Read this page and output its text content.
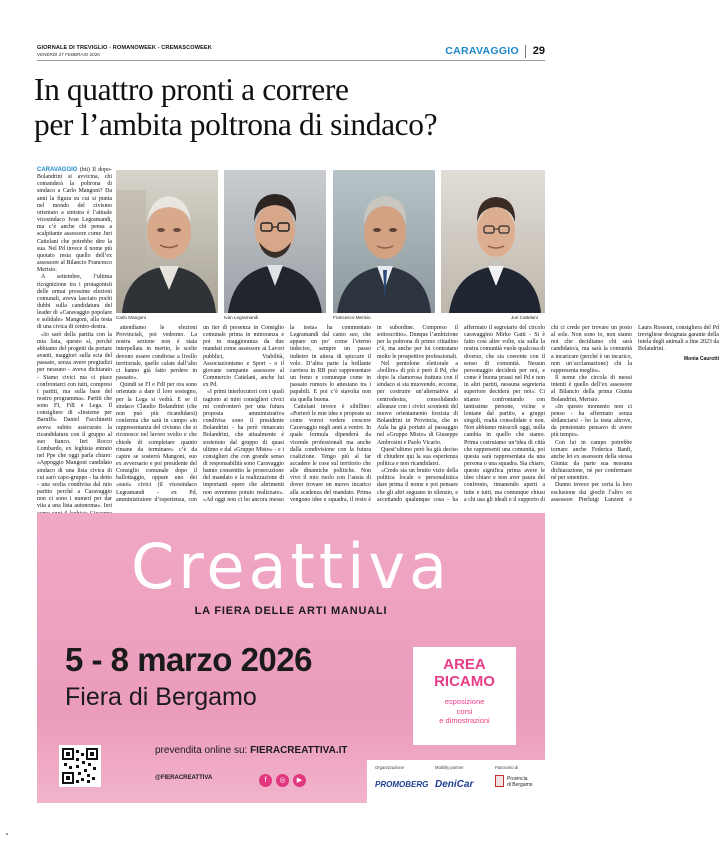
GIORNALE DI TREVIGLIO - ROMANOWEEK - CREMASCOWEEK
VENERDÌ 27 FEBBRAIO 2026	CARAVAGGIO 29
In quattro pronti a correre
per l’ambita poltrona di sindaco?

CARAVAGGIO (bti) Il dopo-Bolandrini si avvicina, chi comanderà la poltrona di sindaco a Carlo Mangoni? Da anni la figura su cui si punta nel mondo del civismo orientato a sinistra è l’attuale vicesindaco Ivan Legramandi, ma c’è anche chi pensa a scalpitante assessore come Juri Cattelani che potrebbe dire la sua. Nel Pd invece il nome più quotato resta quello dell’ex assessore al Bilancio Francesco Merisio.

A settembre, l’ultima ricognizione tra i protagonisti delle ormai prossime elezioni comunali, aveva lasciato pochi dubbi sulla candidatura del leader di «Caravaggio popolare e solidale» Mangoni, alla testa di una civica di centro-destra.

«Io sarò della partita con la mia lista, questo sì, perché abbiamo del progetti da portare avanti, maggiori sulla scia del passato, senza avere pregiudizi per nessuno - aveva dichiarato - Siamo civici ma ci piace confrontarci con tutti, compresi i partiti, ma sulla base del nostro programma». Partiti che sono FI, FdI e Lega. Il consigliere di «Insieme per Baruffi» Daniel Facchinetti aveva subito assicurato la ricandidatura con il gruppo al suo fianco. Ieri Rocco Lombardo, ex leghista entrato nel Ppe che oggi parla chiaro: «Appoggio Mangoni candidato sindaco di una lista civica di cui sarò capo-gruppo - ha detto - una scelta condivisa dal mio partito perché a Caravaggio non ci sono i numeri per dar vita a una lista autonoma». Ieri

Carlo Mangoni	Ivan Legramandi	Francesco Merisio	Juri Cattelani

attendiamo le elezioni Provinciali, poi vedremo. La nostra sezione non è stata interpellata in merito, le scelte devono essere condivise a livello territoriale, quelle calate dall’alto ci hanno già fatto perdere in passato».

Quindi se FI e FdI per ora sono orientate a dare il loro sostegno, per la Lega si vedrà. E se il sindaco Claudio Bolandrini (che non può più ricandidarsi) conferma che sarà in campo «in rappresentanza del civismo che si riconosce nel lavoro svolto e che chiede di completare quanto rimane da terminare» c’è da capire se sosterrà Mangoni, suo ex avversario e poi presidente del Consiglio comunale dopo il ballottaggio, oppure uno dei «suoi» civici (il vicesindaco Legramandi - ex Pd, amministratore d’esperienza, con un iter di presenza in Consiglio comunale prima in minoranza e poi in maggioranza da due mandati come assessore ai Lavori pubblici, Viabilità, Associazionismo e Sport - o il giovane rampante assessore al Commercio Cattelani, anche lui ex Pd.

«I primi interlocutori con i quali ragiono ai miei consiglieri civici mi confronterò per una futura proposta amministrativa condivisa sono il presidente Bolandrini - ha però rimarcato Bolandrini, che attualmente è sostenuto dal gruppo di quasi ultimo e dal «Gruppo Misto» - e i consiglieri che con grande senso di responsabilità sono Caravaggio hanno consentito la prosecuzione del mandato e la realizzazione di importanti opere che altrimenti non avremmo potuto realizzare». «Ad oggi non ci ho ancora messo la testa» ha commentato Legramandi dal canto suo, che appare un po’ come l’eterno indeciso, sempre un passo indietro in attesa di spiccare il volo. D’altra parte la brillante carriera in RB può rappresentare un freno e comunque come in passato rumors lo attestano tra i papabili. E poi c’è stavolta non sia quella buona.

Cattelani invece è sibillino: «Porterò le mie idee e proposte su come vorrei vedere crescere Caravaggio negli anni a venire. In quale formula dipenderà da vicende professionali ma anche dalla condivisione con la futura coalizione. Tengo più al far accadere le cose sul territorio che alle dinamiche politiche. Non vivo il mio ruolo con l’ansia di dover trovare un nuovo incarico alla scadenza del mandato. Prima vengono idee e squadra, il resto è in subordine. Compreso il sottoscritto». Dunque l’ambizione per la poltrona di primo cittadino c’è, ma anche per lui contratano molto le prospettive professionali.

Nel pentolone elettorale a «bollire» di più è però il Pd, che dopo la clamorosa frattura con il sindaco si sta muovendo, eccome, per costruire un’alternativa al centrodestra, consolidando alleanze con i civici scontenti del nuovo orientamento forzista di Bolandrini in Provincia, che in Aula ha già portato al passaggio nel «Gruppo Misto» di Giuseppe Ambrosini e Paolo Vicario.

Quest’ultimo però ha già deciso di chiudere qui la sua esperienza politica e non ricandidarsi.

«Credo sia un brutto vizio della politica locale e personalistica dare prima il nome e poi pensare che gli altri seguano in silenzio, e accettando qualunque cosa - ha affermato il segretario del circolo caravaggino Mirko Gatti - Si è fatto così altre volte, sia sulla la nostra comunità vuole qualcosa di diverso, che sia coerente con il senso di comunità. Nessun personaggio deciderà per noi, e come è buona prassi nel Pd e non in altri partiti, nessuna segreteria superiore deciderà per noi». Ci stiamo confrontando con tantissime persone, vicine e lontane dal partito, a gruppi singoli, realtà consolidate e non. Non abbiamo miracoli oggi, nulla cambia in quello che siamo. Prima costruiamo un’idea di città che rappresenti una comunità, poi questa sarà rappresentata da una persona o una squadra. Sia chiaro, questo significa prima avere le idee chiare e non aver paura del confronto, rimanendo aperti a tutte e tutti, ma comunque chiusi a chi usa gli ideali e il supporto di chi ci crede per trovare un posto al sole. Non sono io, non siamo noi che decidiamo chi sarà candidato/a, ma sarà la comunità a incaricare (perché è un incarico, non un’acclamazione) chi la rappresenta meglio».

Il nome che circola di messi intenti è quello dell’ex assessore al Bilancio della prima Giunta Bolandrini, Merisio.

«In questo momento non ci penso - ha affermato senza sbilanciarsi - ho la testa altrove, da pensionato pensavo di avere più tempo».

Con lui in campo potrebbe tornare anche Federica Banfi, anche lei ex assessore della stessa Giunta: da parte sua nessuna dichiarazione, né per confermare né per smentire.

Dunno invece per certa la loro esclusione dai giochi l’altro ex assessore Pierluigi Lanzeni e Laura Rossoni, consigliera del Pd trevigliese designata garante della tutela degli animali a fine 2023 da Bolandrini.

Monia Caurotti
Creattiva
LA FIERA DELLE ARTI MANUALI
5 - 8 marzo 2026
Fiera di Bergamo
AREA
RICAMO
esposizione
corsi
e dimostrazioni
prevendita online su: FIERACREATTIVA.IT
@FIERACREATTIVA	f ◎ ▶
Organizzazione
PROMOBERG
Mobility partner
DeniCar
Patrocinio di
Provincia
di Bergamo
